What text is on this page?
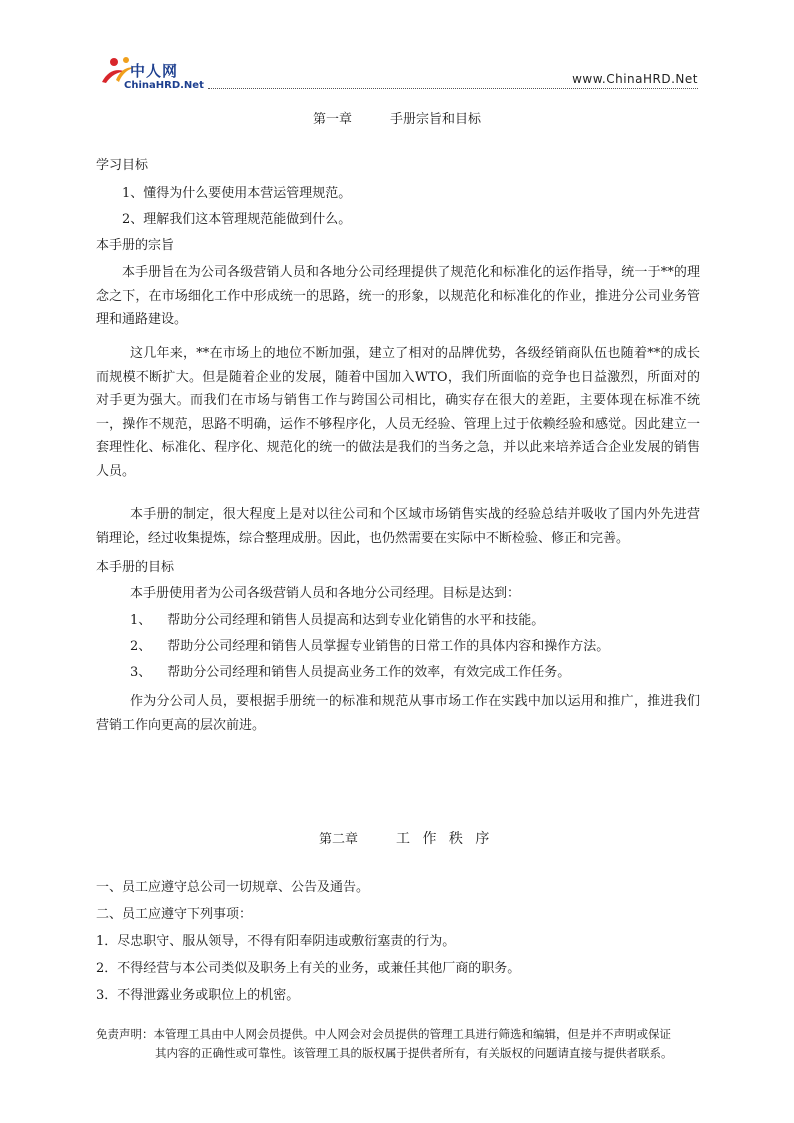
中人网
ChinaHRD.Net	www.ChinaHRD.Net
第一章	手册宗旨和目标
学习目标
1、懂得为什么要使用本营运管理规范。
2、理解我们这本管理规范能做到什么。
本手册的宗旨
本手册旨在为公司各级营销人员和各地分公司经理提供了规范化和标准化的运作指导，统一于**的理念之下，在市场细化工作中形成统一的思路，统一的形象，以规范化和标准化的作业，推进分公司业务管理和通路建设。
这几年来，**在市场上的地位不断加强，建立了相对的品牌优势，各级经销商队伍也随着**的成长而规模不断扩大。但是随着企业的发展，随着中国加入WTO，我们所面临的竞争也日益激烈，所面对的对手更为强大。而我们在市场与销售工作与跨国公司相比，确实存在很大的差距，主要体现在标准不统一，操作不规范，思路不明确，运作不够程序化，人员无经验、管理上过于依赖经验和感觉。因此建立一套理性化、标准化、程序化、规范化的统一的做法是我们的当务之急，并以此来培养适合企业发展的销售人员。
本手册的制定，很大程度上是对以往公司和个区域市场销售实战的经验总结并吸收了国内外先进营销理论，经过收集提炼，综合整理成册。因此，也仍然需要在实际中不断检验、修正和完善。
本手册的目标
本手册使用者为公司各级营销人员和各地分公司经理。目标是达到：
1、 帮助分公司经理和销售人员提高和达到专业化销售的水平和技能。
2、 帮助分公司经理和销售人员掌握专业销售的日常工作的具体内容和操作方法。
3、 帮助分公司经理和销售人员提高业务工作的效率，有效完成工作任务。
作为分公司人员，要根据手册统一的标准和规范从事市场工作在实践中加以运用和推广，推进我们营销工作向更高的层次前进。
第二章	工 作 秩 序
一、员工应遵守总公司一切规章、公告及通告。
二、员工应遵守下列事项：
1．尽忠职守、服从领导，不得有阳奉阴违或敷衍塞责的行为。
2．不得经营与本公司类似及职务上有关的业务，或兼任其他厂商的职务。
3．不得泄露业务或职位上的机密。
免责声明：本管理工具由中人网会员提供。中人网会对会员提供的管理工具进行筛选和编辑，但是并不声明或保证
其内容的正确性或可靠性。该管理工具的版权属于提供者所有，有关版权的问题请直接与提供者联系。
